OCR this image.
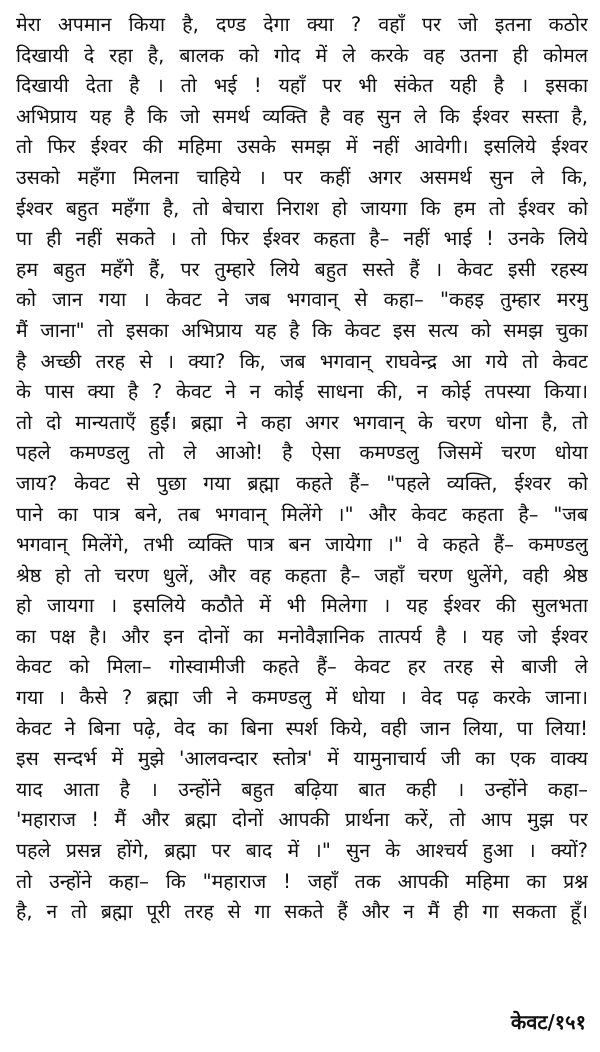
मेरा अपमान किया है, दण्ड देगा क्या ? वहाँ पर जो इतना कठोर
दिखायी दे रहा है, बालक को गोद में ले करके वह उतना ही कोमल
दिखायी देता है । तो भई ! यहाँ पर भी संकेत यही है । इसका
अभिप्राय यह है कि जो समर्थ व्यक्ति है वह सुन ले कि ईश्वर सस्ता है,
तो फिर ईश्वर की महिमा उसके समझ में नहीं आवेगी। इसलिये ईश्वर
उसको महँगा मिलना चाहिये । पर कहीं अगर असमर्थ सुन ले कि,
ईश्वर बहुत महँगा है, तो बेचारा निराश हो जायगा कि हम तो ईश्वर को
पा ही नहीं सकते । तो फिर ईश्वर कहता है– नहीं भाई ! उनके लिये
हम बहुत महँगे हैं, पर तुम्हारे लिये बहुत सस्ते हैं । केवट इसी रहस्य
को जान गया । केवट ने जब भगवान् से कहा– "कहइ तुम्हार मरमु
मैं जाना" तो इसका अभिप्राय यह है कि केवट इस सत्य को समझ चुका
है अच्छी तरह से । क्या? कि, जब भगवान् राघवेन्द्र आ गये तो केवट
के पास क्या है ? केवट ने न कोई साधना की, न कोई तपस्या किया।
तो दो मान्यताएँ हुईं। ब्रह्मा ने कहा अगर भगवान् के चरण धोना है, तो
पहले कमण्डलु तो ले आओ! है ऐसा कमण्डलु जिसमें चरण धोया
जाय? केवट से पुछा गया ब्रह्मा कहते हैं– "पहले व्यक्ति, ईश्वर को
पाने का पात्र बने, तब भगवान् मिलेंगे ।" और केवट कहता है– "जब
भगवान् मिलेंगे, तभी व्यक्ति पात्र बन जायेगा ।" वे कहते हैं– कमण्डलु
श्रेष्ठ हो तो चरण धुलें, और वह कहता है– जहाँ चरण धुलेंगे, वही श्रेष्ठ
हो जायगा । इसलिये कठौते में भी मिलेगा । यह ईश्वर की सुलभता
का पक्ष है। और इन दोनों का मनोवैज्ञानिक तात्पर्य है । यह जो ईश्वर
केवट को मिला– गोस्वामीजी कहते हैं– केवट हर तरह से बाजी ले
गया । कैसे ? ब्रह्मा जी ने कमण्डलु में धोया । वेद पढ़ करके जाना।
केवट ने बिना पढ़े, वेद का बिना स्पर्श किये, वही जान लिया, पा लिया!
इस सन्दर्भ में मुझे 'आलवन्दार स्तोत्र' में यामुनाचार्य जी का एक वाक्य
याद आता है । उन्होंने बहुत बढ़िया बात कही । उन्होंने कहा–
'महाराज ! मैं और ब्रह्मा दोनों आपकी प्रार्थना करें, तो आप मुझ पर
पहले प्रसन्न होंगे, ब्रह्मा पर बाद में ।" सुन के आश्चर्य हुआ । क्यों?
तो उन्होंने कहा– कि "महाराज ! जहाँ तक आपकी महिमा का प्रश्न
है, न तो ब्रह्मा पूरी तरह से गा सकते हैं और न मैं ही गा सकता हूँ।
केवट/१५१
